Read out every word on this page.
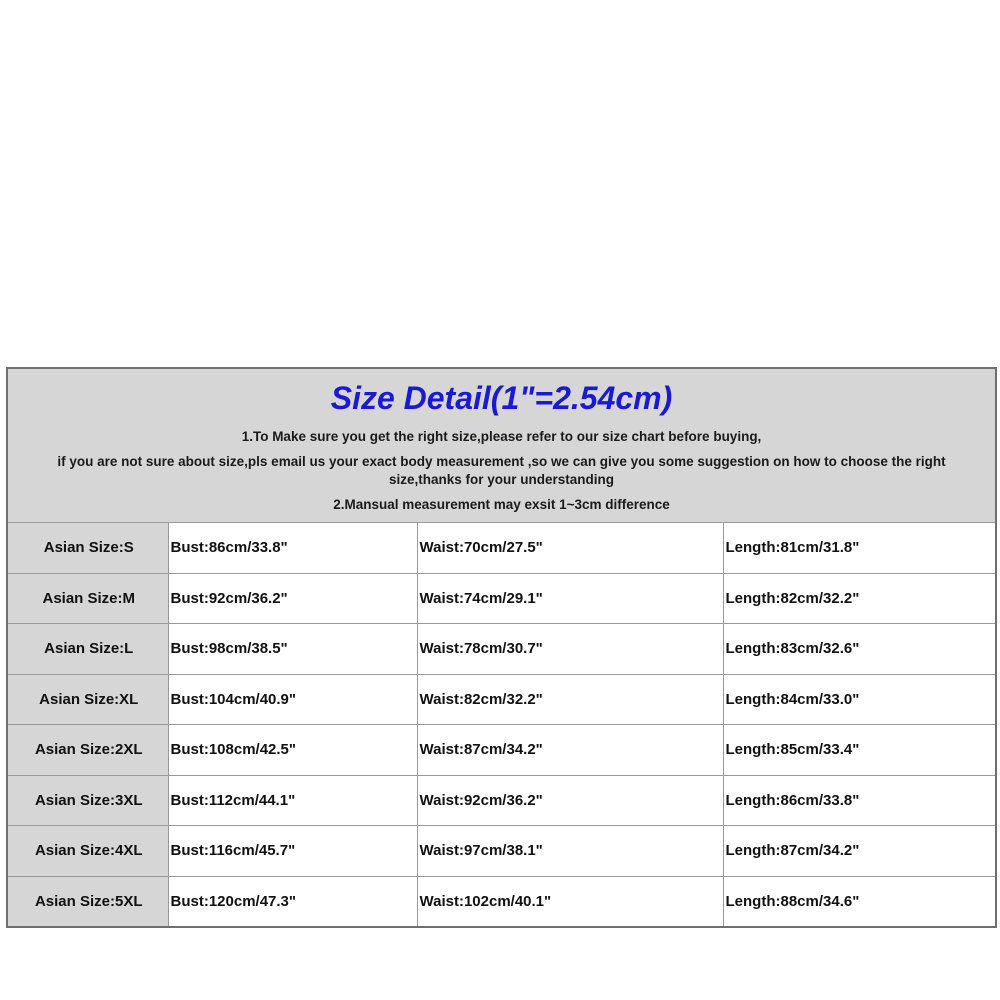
Size Detail(1"=2.54cm)

1.To Make sure you get the right size,please refer to our size chart before buying,

if you are not sure about size,pls email us your exact body measurement ,so we can give you some suggestion on how to choose the right size,thanks for your understanding

2.Mansual measurement may exsit 1~3cm difference

Asian Size:S	Bust:86cm/33.8"	Waist:70cm/27.5"	Length:81cm/31.8"
Asian Size:M	Bust:92cm/36.2"	Waist:74cm/29.1"	Length:82cm/32.2"
Asian Size:L	Bust:98cm/38.5"	Waist:78cm/30.7"	Length:83cm/32.6"
Asian Size:XL	Bust:104cm/40.9"	Waist:82cm/32.2"	Length:84cm/33.0"
Asian Size:2XL	Bust:108cm/42.5"	Waist:87cm/34.2"	Length:85cm/33.4"
Asian Size:3XL	Bust:112cm/44.1"	Waist:92cm/36.2"	Length:86cm/33.8"
Asian Size:4XL	Bust:116cm/45.7"	Waist:97cm/38.1"	Length:87cm/34.2"
Asian Size:5XL	Bust:120cm/47.3"	Waist:102cm/40.1"	Length:88cm/34.6"
